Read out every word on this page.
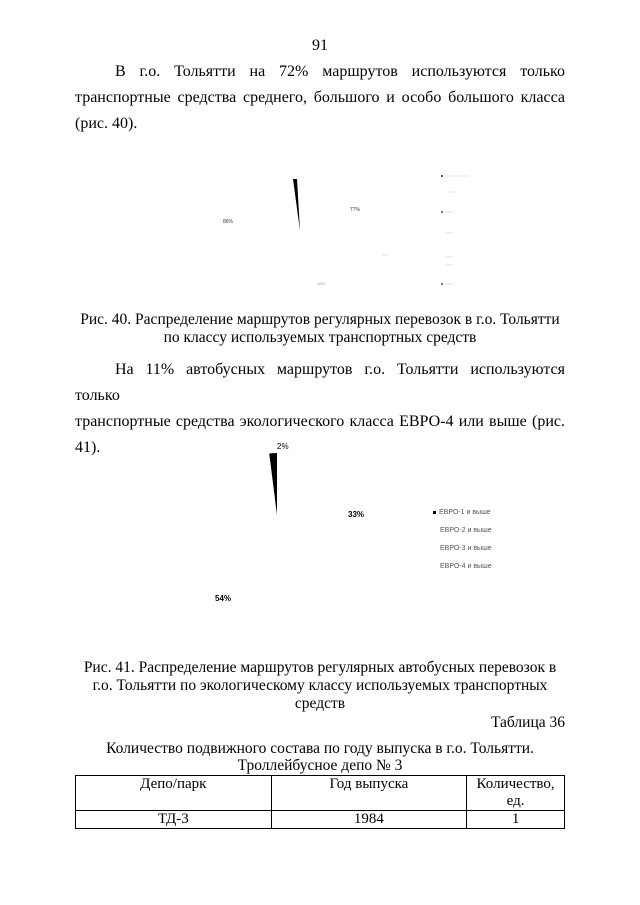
91
В г.о. Тольятти на 72% маршрутов используются только
транспортные средства среднего, большого и особо большого класса
(рис. 40).
86%
77%
10%
Рис. 40. Распределение маршрутов регулярных перевозок в г.о. Тольятти
по классу используемых транспортных средств
На 11% автобусных маршрутов г.о. Тольятти используются только
транспортные средства экологического класса ЕВРО-4 или выше (рис. 41).
33%
54%
2%
ЕВРО-1 и выше
ЕВРО-2 и выше
ЕВРО-3 и выше
ЕВРО-4 и выше
Рис. 41. Распределение маршрутов регулярных автобусных перевозок в
г.о. Тольятти по экологическому классу используемых транспортных
средств
Таблица 36
Количество подвижного состава по году выпуска в г.о. Тольятти.
Троллейбусное депо № 3
Депо/парк	Год выпуска	Количество,
ед.

ТД-3	1984	1
